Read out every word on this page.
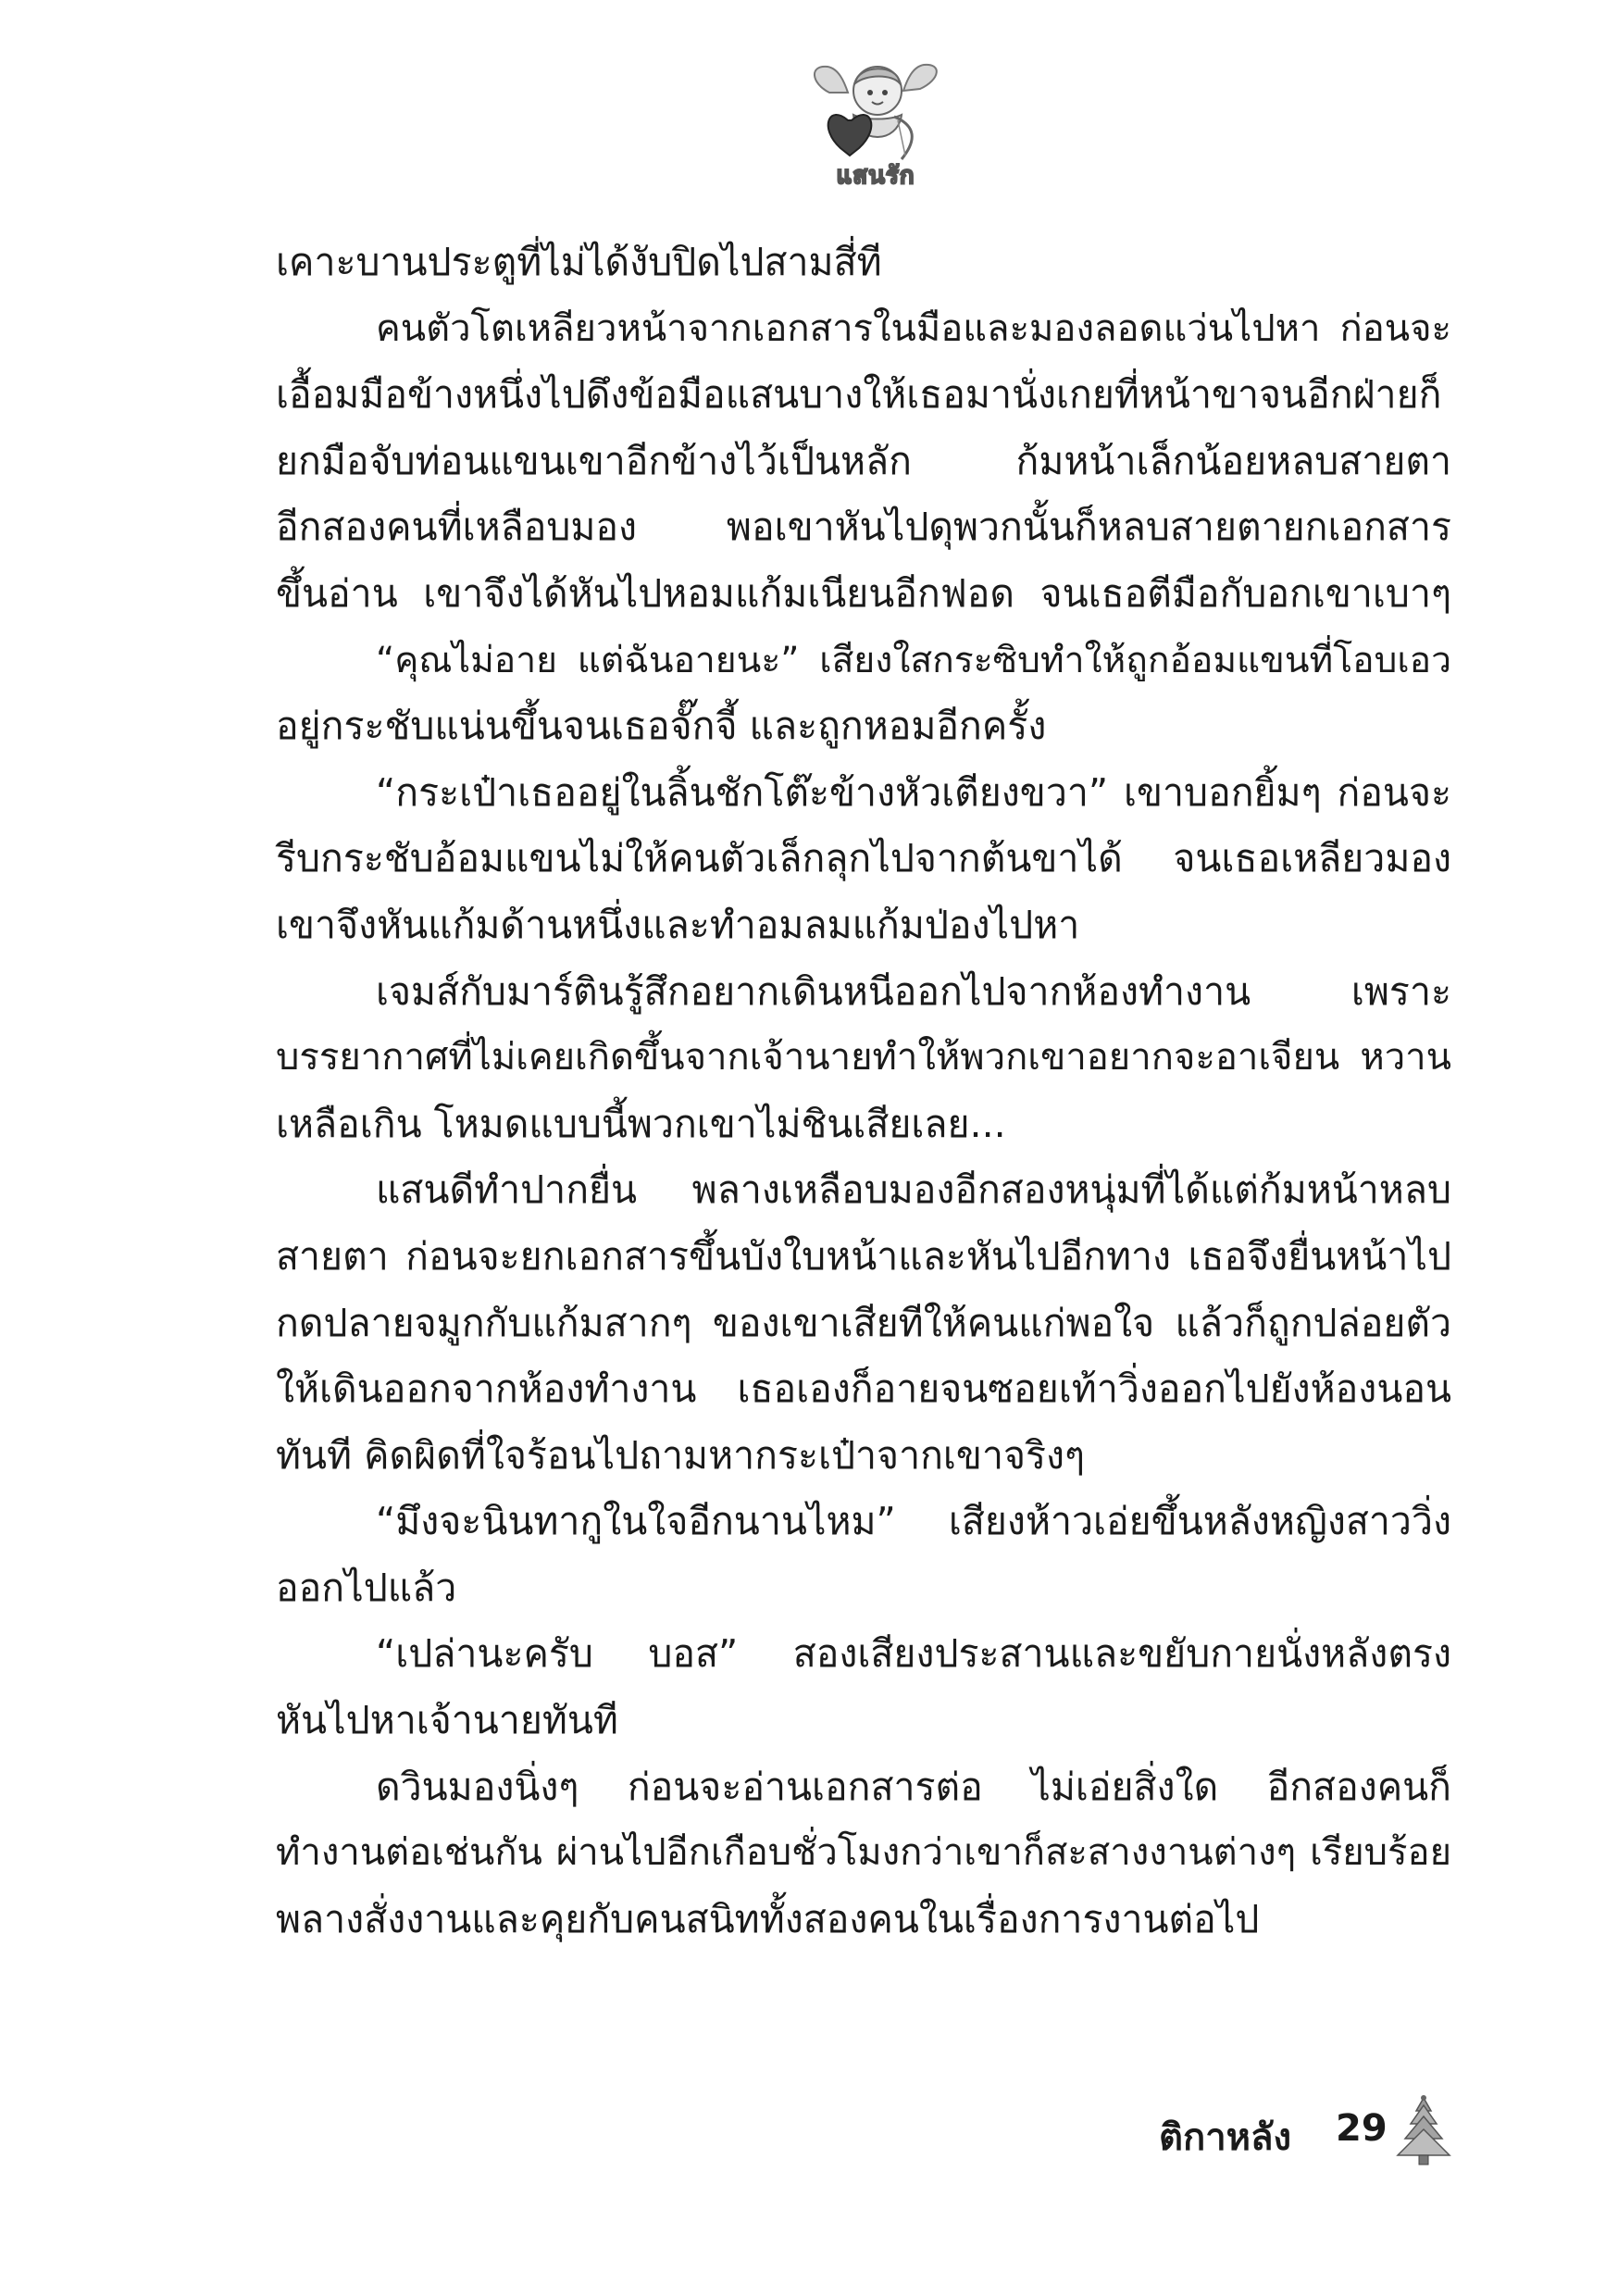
แสนรัก
เคาะบานประตูที่ไม่ได้งับปิดไปสามสี่ที
คนตัวโตเหลียวหน้าจากเอกสารในมือและมองลอดแว่นไปหา ก่อนจะ
เอื้อมมือข้างหนึ่งไปดึงข้อมือแสนบางให้เธอมานั่งเกยที่หน้าขาจนอีกฝ่ายก็
ยกมือจับท่อนแขนเขาอีกข้างไว้เป็นหลัก ก้มหน้าเล็กน้อยหลบสายตา
อีกสองคนที่เหลือบมอง พอเขาหันไปดุพวกนั้นก็หลบสายตายกเอกสาร
ขึ้นอ่าน เขาจึงได้หันไปหอมแก้มเนียนอีกฟอด จนเธอตีมือกับอกเขาเบาๆ
“คุณไม่อาย แต่ฉันอายนะ” เสียงใสกระซิบทำให้ถูกอ้อมแขนที่โอบเอว
อยู่กระชับแน่นขึ้นจนเธอจั๊กจี้ และถูกหอมอีกครั้ง
“กระเป๋าเธออยู่ในลิ้นชักโต๊ะข้างหัวเตียงขวา” เขาบอกยิ้มๆ ก่อนจะ
รีบกระชับอ้อมแขนไม่ให้คนตัวเล็กลุกไปจากต้นขาได้ จนเธอเหลียวมอง
เขาจึงหันแก้มด้านหนึ่งและทำอมลมแก้มป่องไปหา
เจมส์กับมาร์ตินรู้สึกอยากเดินหนีออกไปจากห้องทำงาน เพราะ
บรรยากาศที่ไม่เคยเกิดขึ้นจากเจ้านายทำให้พวกเขาอยากจะอาเจียน หวาน
เหลือเกิน โหมดแบบนี้พวกเขาไม่ชินเสียเลย...
แสนดีทำปากยื่น พลางเหลือบมองอีกสองหนุ่มที่ได้แต่ก้มหน้าหลบ
สายตา ก่อนจะยกเอกสารขึ้นบังใบหน้าและหันไปอีกทาง เธอจึงยื่นหน้าไป
กดปลายจมูกกับแก้มสากๆ ของเขาเสียทีให้คนแก่พอใจ แล้วก็ถูกปล่อยตัว
ให้เดินออกจากห้องทำงาน เธอเองก็อายจนซอยเท้าวิ่งออกไปยังห้องนอน
ทันที คิดผิดที่ใจร้อนไปถามหากระเป๋าจากเขาจริงๆ
“มึงจะนินทากูในใจอีกนานไหม” เสียงห้าวเอ่ยขึ้นหลังหญิงสาววิ่ง
ออกไปแล้ว
“เปล่านะครับ บอส” สองเสียงประสานและขยับกายนั่งหลังตรง
หันไปหาเจ้านายทันที
ดวินมองนิ่งๆ ก่อนจะอ่านเอกสารต่อ ไม่เอ่ยสิ่งใด อีกสองคนก็
ทำงานต่อเช่นกัน ผ่านไปอีกเกือบชั่วโมงกว่าเขาก็สะสางงานต่างๆ เรียบร้อย
พลางสั่งงานและคุยกับคนสนิททั้งสองคนในเรื่องการงานต่อไป
ติกาหลัง 29
